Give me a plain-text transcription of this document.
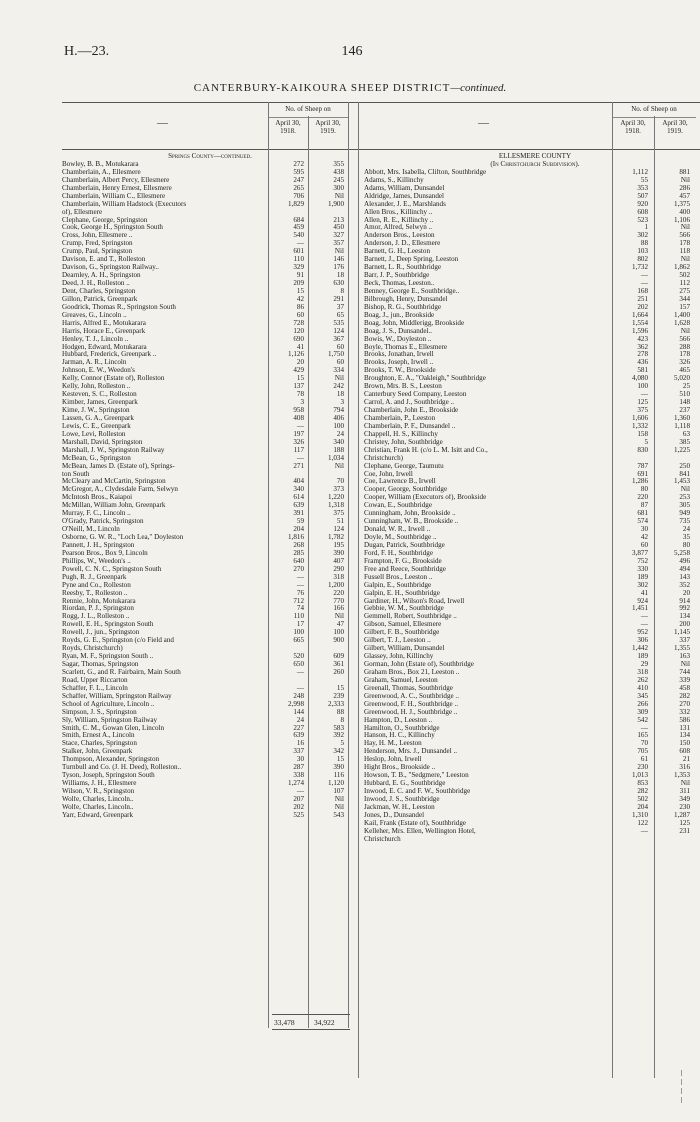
H.—23.	146
CANTERBURY-KAIKOURA SHEEP DISTRICT—continued.
—
No. of Sheep on
April 30,
1918.
April 30,
1919.
Springs County—continued.
Bowley, B. B., Motukarara	272	355
Chamberlain, A., Ellesmere	595	438
Chamberlain, Albert Percy, Ellesmere	247	245
Chamberlain, Henry Ernest, Ellesmere	265	300
Chamberlain, William C., Ellesmere	706	Nil
Chamberlain, William Hadstock (Executors	1,829	1,900
of), Ellesmere
Clephane, George, Springston	684	213
Cook, George H., Springston South	459	450
Cross, John, Ellesmere ..	540	327
Crump, Fred, Springston	—	357
Crump, Paul, Springston	601	Nil
Davison, E. and T., Rolleston	110	146
Davison, G., Springston Railway..	329	176
Dearnley, A. H., Springston	91	18
Deed, J. H., Rolleston ..	209	630
Dent, Charles, Springston	15	8
Gillon, Patrick, Greenpark	42	291
Goodrick, Thomas R., Springston South	86	37
Greaves, G., Lincoln ..	60	65
Harris, Alfred E., Motukarara	728	535
Harris, Horace E., Greenpark	120	124
Henley, T. J., Lincoln ..	690	367
Hodgen, Edward, Motukarara	41	60
Hubbard, Frederick, Greenpark ..	1,126	1,750
Jarman, A. R., Lincoln	20	60
Johnson, E. W., Weedon's	429	334
Kelly, Connor (Estate of), Rolleston	15	Nil
Kelly, John, Rolleston ..	137	242
Kesteven, S. C., Rolleston	78	18
Kimber, James, Greenpark	3	3
Kime, J. W., Springston	958	794
Lassen, G. A., Greenpark	408	406
Lewis, C. E., Greenpark	—	100
Lowe, Levi, Rolleston	197	24
Marshall, David, Springston	326	340
Marshall, J. W., Springston Railway	117	188
McBean, G., Springston	—	1,034
McBean, James D. (Estate of), Springs-	271	Nil
ton South
McCleary and McCartin, Springston	404	70
McGregor, A., Clydesdale Farm, Selwyn	340	373
McIntosh Bros., Kaiapoi	614	1,220
McMillan, William John, Greenpark	639	1,318
Murray, F. C., Lincoln ..	391	375
O'Grady, Patrick, Springston	59	51
O'Neill, M., Lincoln	204	124
Osborne, G. W. R., "Loch Lea," Doyleston	1,816	1,782
Pannett, J. H., Springston	268	195
Pearson Bros., Box 9, Lincoln	285	390
Phillips, W., Weedon's ..	640	407
Powell, C. N. C., Springston South	270	290
Pugh, R. J., Greenpark	—	318
Pyne and Co., Rolleston	—	1,200
Reesby, T., Rolleston ..	76	220
Rennie, John, Motukarara	712	770
Riordan, P. J., Springston	74	166
Rogg, J. L., Rolleston ..	110	Nil
Rowell, E. H., Springston South	17	47
Rowell, J., jun., Springston	100	100
Royds, G. E., Springston (c/o Field and	665	900
Royds, Christchurch)
Ryan, M. F., Springston South ..	520	609
Sagar, Thomas, Springston	650	361
Scarlett, G., and R. Fairbairn, Main South	—	260
Road, Upper Riccarton
Schaffer, F. L., Lincoln	—	15
Schaffer, William, Springston Railway	248	239
School of Agriculture, Lincoln ..	2,998	2,333
Simpson, J. S., Springston	144	88
Sly, William, Springston Railway	24	8
Smith, C. M., Gowan Glen, Lincoln	227	583
Smith, Ernest A., Lincoln	639	392
Stace, Charles, Springston	16	5
Stalker, John, Greenpark	337	342
Thompson, Alexander, Springston	30	15
Turnbull and Co. (J. H. Deed), Rolleston..	287	390
Tyson, Joseph, Springston South	338	116
Williams, J. H., Ellesmere	1,274	1,120
Wilson, V. R., Springston	—	107
Wolfe, Charles, Lincoln..	207	Nil
Wolfe, Charles, Lincoln..	202	Nil
Yarr, Edward, Greenpark	525	543
—
No. of Sheep on
April 30,
1918.
April 30,
1919.
ELLESMERE COUNTY
(In Christchurch Subdivision).
Abbott, Mrs. Isabella, Clifton, Southbridge	1,112	881
Adams, S., Killinchy	55	Nil
Adams, William, Dunsandel	353	286
Aldridge, James, Dunsandel	507	457
Alexander, J. E., Marshlands	920	1,375
Allen Bros., Killinchy ..	608	400
Allen, R. E., Killinchy ..	523	1,106
Amor, Alfred, Selwyn ..	1	Nil
Anderson Bros., Leeston	302	566
Anderson, J. D., Ellesmere	88	178
Barnett, G. H., Leeston	103	118
Barnett, J., Deep Spring, Leeston	802	Nil
Barnett, L. R., Southbridge	1,732	1,862
Barr, J. P., Southbridge	—	502
Beck, Thomas, Leeston..	—	112
Benney, George E., Southbridge..	168	275
Bilbrough, Henry, Dunsandel	251	344
Bishop, R. G., Southbridge	202	157
Boag, J., jun., Brookside	1,664	1,400
Boag, John, Middlerigg, Brookside	1,554	1,628
Boag, J. S., Dunsandel..	1,596	Nil
Bowis, W., Doyleston ..	423	566
Boyle, Thomas E., Ellesmere	362	288
Brooks, Jonathan, Irwell	278	178
Brooks, Joseph, Irwell ..	436	326
Brooks, T. W., Brookside	581	465
Broughton, E. A., "Oakleigh," Southbridge	4,080	5,020
Brown, Mrs. B. S., Leeston	100	25
Canterbury Seed Company, Leeston	—	510
Carrol, A. and J., Southbridge ..	125	148
Chamberlain, John E., Brookside	375	237
Chamberlain, P., Leeston	1,606	1,360
Chamberlain, P. F., Dunsandel ..	1,332	1,118
Chappell, H. S., Killinchy	158	63
Christey, John, Southbridge	5	385
Christian, Frank H. (c/o L. M. Isitt and Co.,	830	1,225
Christchurch)
Clephane, George, Taumutu	787	250
Coe, John, Irwell	691	841
Coe, Lawrence B., Irwell	1,286	1,453
Cooper, George, Southbridge	80	Nil
Cooper, William (Executors of), Brookside	220	253
Cowan, E., Southbridge	87	305
Cunningham, John, Brookside ..	681	949
Cunningham, W. B., Brookside ..	574	735
Donald, W. R., Irwell ..	30	24
Doyle, M., Southbridge ..	42	35
Dugan, Patrick, Southbridge	60	80
Ford, F. H., Southbridge	3,877	5,258
Frampton, F. G., Brookside	752	496
Free and Reece, Southbridge	330	494
Fussell Bros., Leeston ..	189	143
Galpin, E., Southbridge	302	352
Galpin, E. H., Southbridge	41	20
Gardiner, H., Wilson's Road, Irwell	924	914
Gebbie, W. M., Southbridge	1,451	992
Gemmell, Robert, Southbridge ..	—	134
Gibson, Samuel, Ellesmere	—	200
Gilbert, F. B., Southbridge	952	1,145
Gilbert, T. J., Leeston ..	306	337
Gilbert, William, Dunsandel	1,442	1,355
Glassey, John, Killinchy	189	163
Gorman, John (Estate of), Southbridge	29	Nil
Graham Bros., Box 21, Leeston ..	318	744
Graham, Samuel, Leeston	262	339
Greenall, Thomas, Southbridge	410	458
Greenwood, A. C., Southbridge ..	345	282
Greenwood, F. H., Southbridge ..	266	270
Greenwood, H. J., Southbridge ..	309	332
Hampton, D., Leeston ..	542	586
Hamilton, O., Southbridge	—	131
Hanson, H. C., Killinchy	165	134
Hay, H. M., Leeston	70	150
Henderson, Mrs. J., Dunsandel ..	705	608
Heslop, John, Irwell	61	21
Hight Bros., Brookside ..	230	316
Howson, T. B., "Sedgmere," Leeston	1,013	1,353
Hubbard, E. G., Southbridge	853	Nil
Inwood, E. C. and F. W., Southbridge	282	311
Inwood, J. S., Southbridge	502	349
Jackman, W. H., Leeston	204	230
Jones, D., Dunsandel	1,310	1,287
Kail, Frank (Estate of), Southbridge	122	125
Kelleher, Mrs. Ellen, Wellington Hotel,	—	231
Christchurch
33,478	34,922
